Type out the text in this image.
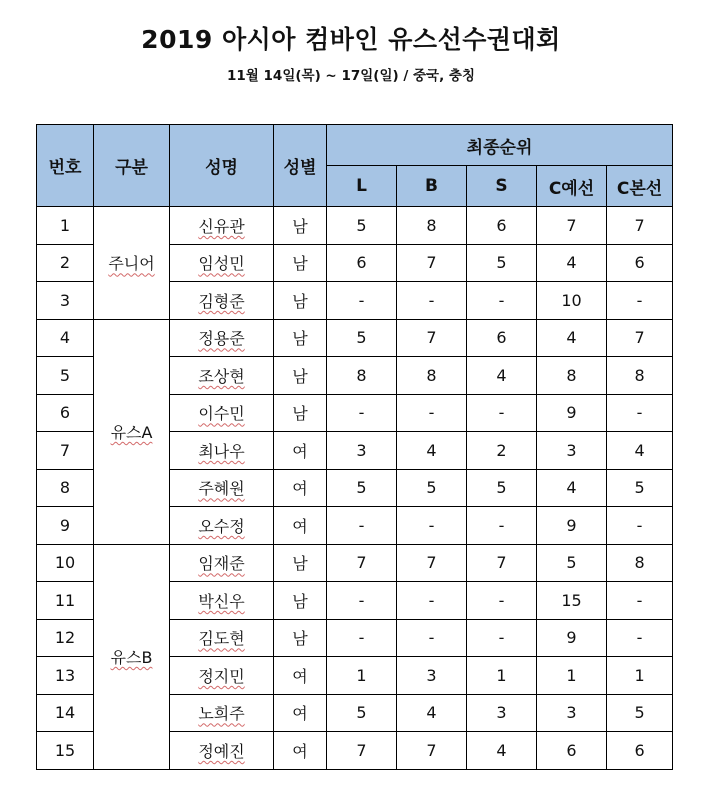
2019 아시아 컴바인 유스선수권대회
11월 14일(목) ~ 17일(일) / 중국, 충칭
번호	구분	성명	성별	최종순위				
				L	B	S	C예선	C본선
1	주니어	신유관	남	5	8	6	7	7
2		임성민	남	6	7	5	4	6
3		김형준	남	-	-	-	10	-
4	유스A	정용준	남	5	7	6	4	7
5		조상현	남	8	8	4	8	8
6		이수민	남	-	-	-	9	-
7		최나우	여	3	4	2	3	4
8		주혜원	여	5	5	5	4	5
9		오수정	여	-	-	-	9	-
10	유스B	임재준	남	7	7	7	5	8
11		박신우	남	-	-	-	15	-
12		김도현	남	-	-	-	9	-
13		정지민	여	1	3	1	1	1
14		노희주	여	5	4	3	3	5
15		정예진	여	7	7	4	6	6
